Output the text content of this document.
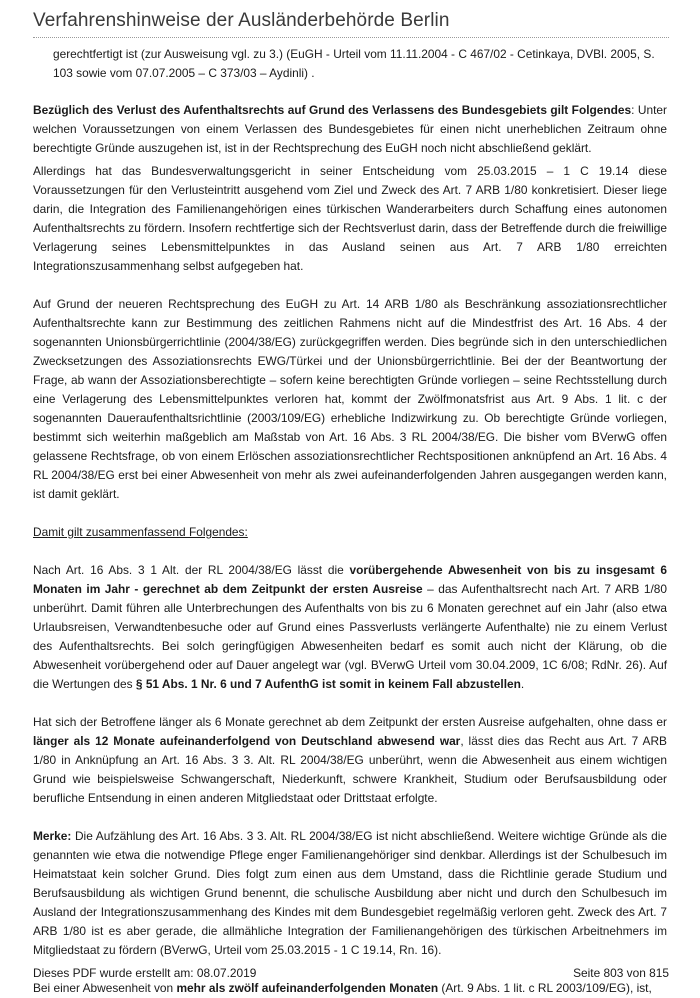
Verfahrenshinweise der Ausländerbehörde Berlin

gerechtfertigt ist (zur Ausweisung vgl. zu 3.) (EuGH - Urteil vom 11.11.2004 - C 467/02 - Cetinkaya, DVBl. 2005, S. 103 sowie vom 07.07.2005 – C 373/03 – Aydinli) .

Bezüglich des Verlust des Aufenthaltsrechts auf Grund des Verlassens des Bundesgebiets gilt Folgendes: Unter welchen Voraussetzungen von einem Verlassen des Bundesgebietes für einen nicht unerheblichen Zeitraum ohne berechtigte Gründe auszugehen ist, ist in der Rechtsprechung des EuGH noch nicht abschließend geklärt.

Allerdings hat das Bundesverwaltungsgericht in seiner Entscheidung vom 25.03.2015 – 1 C 19.14 diese Voraussetzungen für den Verlusteintritt ausgehend vom Ziel und Zweck des Art. 7 ARB 1/80 konkretisiert. Dieser liege darin, die Integration des Familienangehörigen eines türkischen Wanderarbeiters durch Schaffung eines autonomen Aufenthaltsrechts zu fördern. Insofern rechtfertige sich der Rechtsverlust darin, dass der Betreffende durch die freiwillige Verlagerung seines Lebensmittelpunktes in das Ausland seinen aus Art. 7 ARB 1/80 erreichten Integrationszusammenhang selbst aufgegeben hat.

Auf Grund der neueren Rechtsprechung des EuGH zu Art. 14 ARB 1/80 als Beschränkung assoziationsrechtlicher Aufenthaltsrechte kann zur Bestimmung des zeitlichen Rahmens nicht auf die Mindestfrist des Art. 16 Abs. 4 der sogenannten Unionsbürgerrichtlinie (2004/38/EG) zurückgegriffen werden. Dies begründe sich in den unterschiedlichen Zwecksetzungen des Assoziationsrechts EWG/Türkei und der Unionsbürgerrichtlinie. Bei der der Beantwortung der Frage, ab wann der Assoziationsberechtigte – sofern keine berechtigten Gründe vorliegen – seine Rechtsstellung durch eine Verlagerung des Lebensmittelpunktes verloren hat, kommt der Zwölfmonatsfrist aus Art. 9 Abs. 1 lit. c der sogenannten Daueraufenthaltsrichtlinie (2003/109/EG) erhebliche Indizwirkung zu. Ob berechtigte Gründe vorliegen, bestimmt sich weiterhin maßgeblich am Maßstab von Art. 16 Abs. 3 RL 2004/38/EG. Die bisher vom BVerwG offen gelassene Rechtsfrage, ob von einem Erlöschen assoziationsrechtlicher Rechtspositionen anknüpfend an Art. 16 Abs. 4 RL 2004/38/EG erst bei einer Abwesenheit von mehr als zwei aufeinanderfolgenden Jahren ausgegangen werden kann, ist damit geklärt.

Damit gilt zusammenfassend Folgendes:

Nach Art. 16 Abs. 3 1 Alt. der RL 2004/38/EG lässt die vorübergehende Abwesenheit von bis zu insgesamt 6 Monaten im Jahr - gerechnet ab dem Zeitpunkt der ersten Ausreise – das Aufenthaltsrecht nach Art. 7 ARB 1/80 unberührt. Damit führen alle Unterbrechungen des Aufenthalts von bis zu 6 Monaten gerechnet auf ein Jahr (also etwa Urlaubsreisen, Verwandtenbesuche oder auf Grund eines Passverlusts verlängerte Aufenthalte) nie zu einem Verlust des Aufenthaltsrechts. Bei solch geringfügigen Abwesenheiten bedarf es somit auch nicht der Klärung, ob die Abwesenheit vorübergehend oder auf Dauer angelegt war (vgl. BVerwG Urteil vom 30.04.2009, 1C 6/08; RdNr. 26). Auf die Wertungen des § 51 Abs. 1 Nr. 6 und 7 AufenthG ist somit in keinem Fall abzustellen.

Hat sich der Betroffene länger als 6 Monate gerechnet ab dem Zeitpunkt der ersten Ausreise aufgehalten, ohne dass er länger als 12 Monate aufeinanderfolgend von Deutschland abwesend war, lässt dies das Recht aus Art. 7 ARB 1/80 in Anknüpfung an Art. 16 Abs. 3 3. Alt. RL 2004/38/EG unberührt, wenn die Abwesenheit aus einem wichtigen Grund wie beispielsweise Schwangerschaft, Niederkunft, schwere Krankheit, Studium oder Berufsausbildung oder berufliche Entsendung in einen anderen Mitgliedstaat oder Drittstaat erfolgte.

Merke: Die Aufzählung des Art. 16 Abs. 3 3. Alt. RL 2004/38/EG ist nicht abschließend. Weitere wichtige Gründe als die genannten wie etwa die notwendige Pflege enger Familienangehöriger sind denkbar. Allerdings ist der Schulbesuch im Heimatstaat kein solcher Grund. Dies folgt zum einen aus dem Umstand, dass die Richtlinie gerade Studium und Berufsausbildung als wichtigen Grund benennt, die schulische Ausbildung aber nicht und durch den Schulbesuch im Ausland der Integrationszusammenhang des Kindes mit dem Bundesgebiet regelmäßig verloren geht. Zweck des Art. 7 ARB 1/80 ist es aber gerade, die allmähliche Integration der Familienangehörigen des türkischen Arbeitnehmers im Mitgliedstaat zu fördern (BVerwG, Urteil vom 25.03.2015 - 1 C 19.14, Rn. 16).

Bei einer Abwesenheit von mehr als zwölf aufeinanderfolgenden Monaten (Art. 9 Abs. 1 lit. c RL 2003/109/EG), ist,

Dieses PDF wurde erstellt am: 08.07.2019	Seite 803 von 815
